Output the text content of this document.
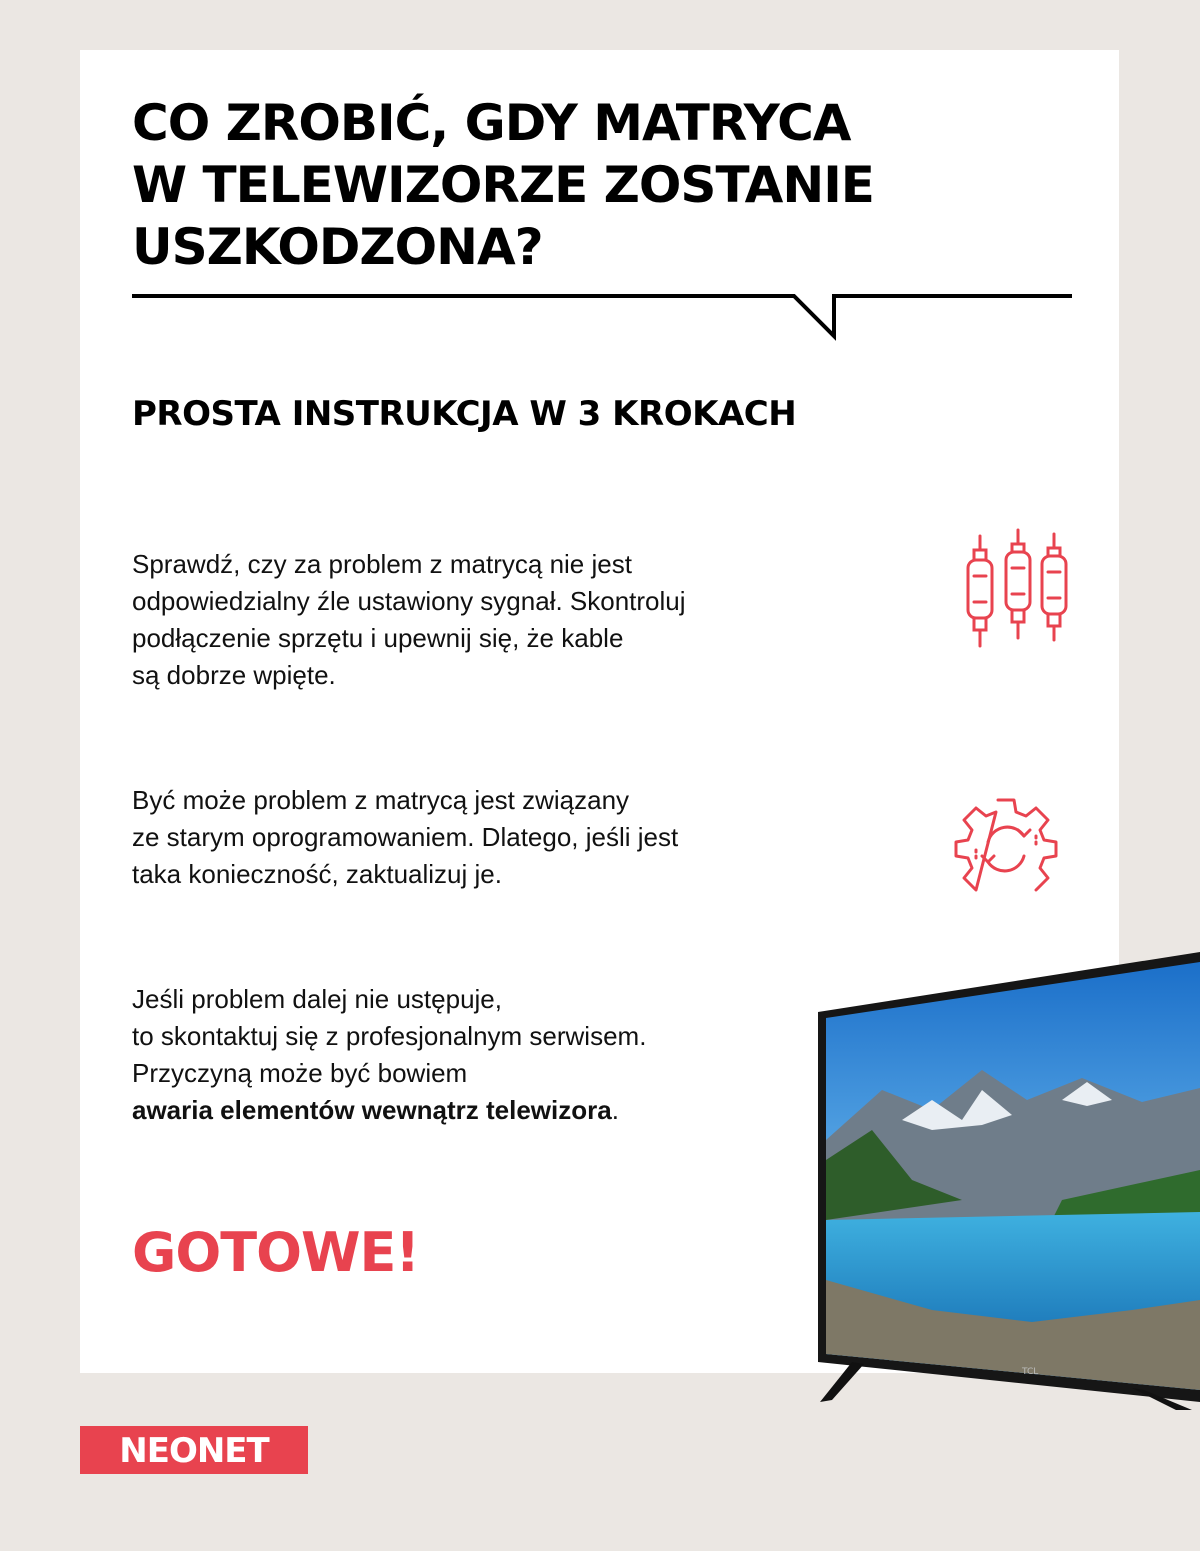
CO ZROBIĆ, GDY MATRYCA
W TELEWIZORZE ZOSTANIE
USZKODZONA?
PROSTA INSTRUKCJA W 3 KROKACH
Sprawdź, czy za problem z matrycą nie jest
odpowiedzialny źle ustawiony sygnał. Skontroluj
podłączenie sprzętu i upewnij się, że kable
są dobrze wpięte.
Być może problem z matrycą jest związany
ze starym oprogramowaniem. Dlatego, jeśli jest
taka konieczność, zaktualizuj je.
Jeśli problem dalej nie ustępuje,
to skontaktuj się z profesjonalnym serwisem.
Przyczyną może być bowiem
awaria elementów wewnątrz telewizora.

GOTOWE!

TCL
NEONET
